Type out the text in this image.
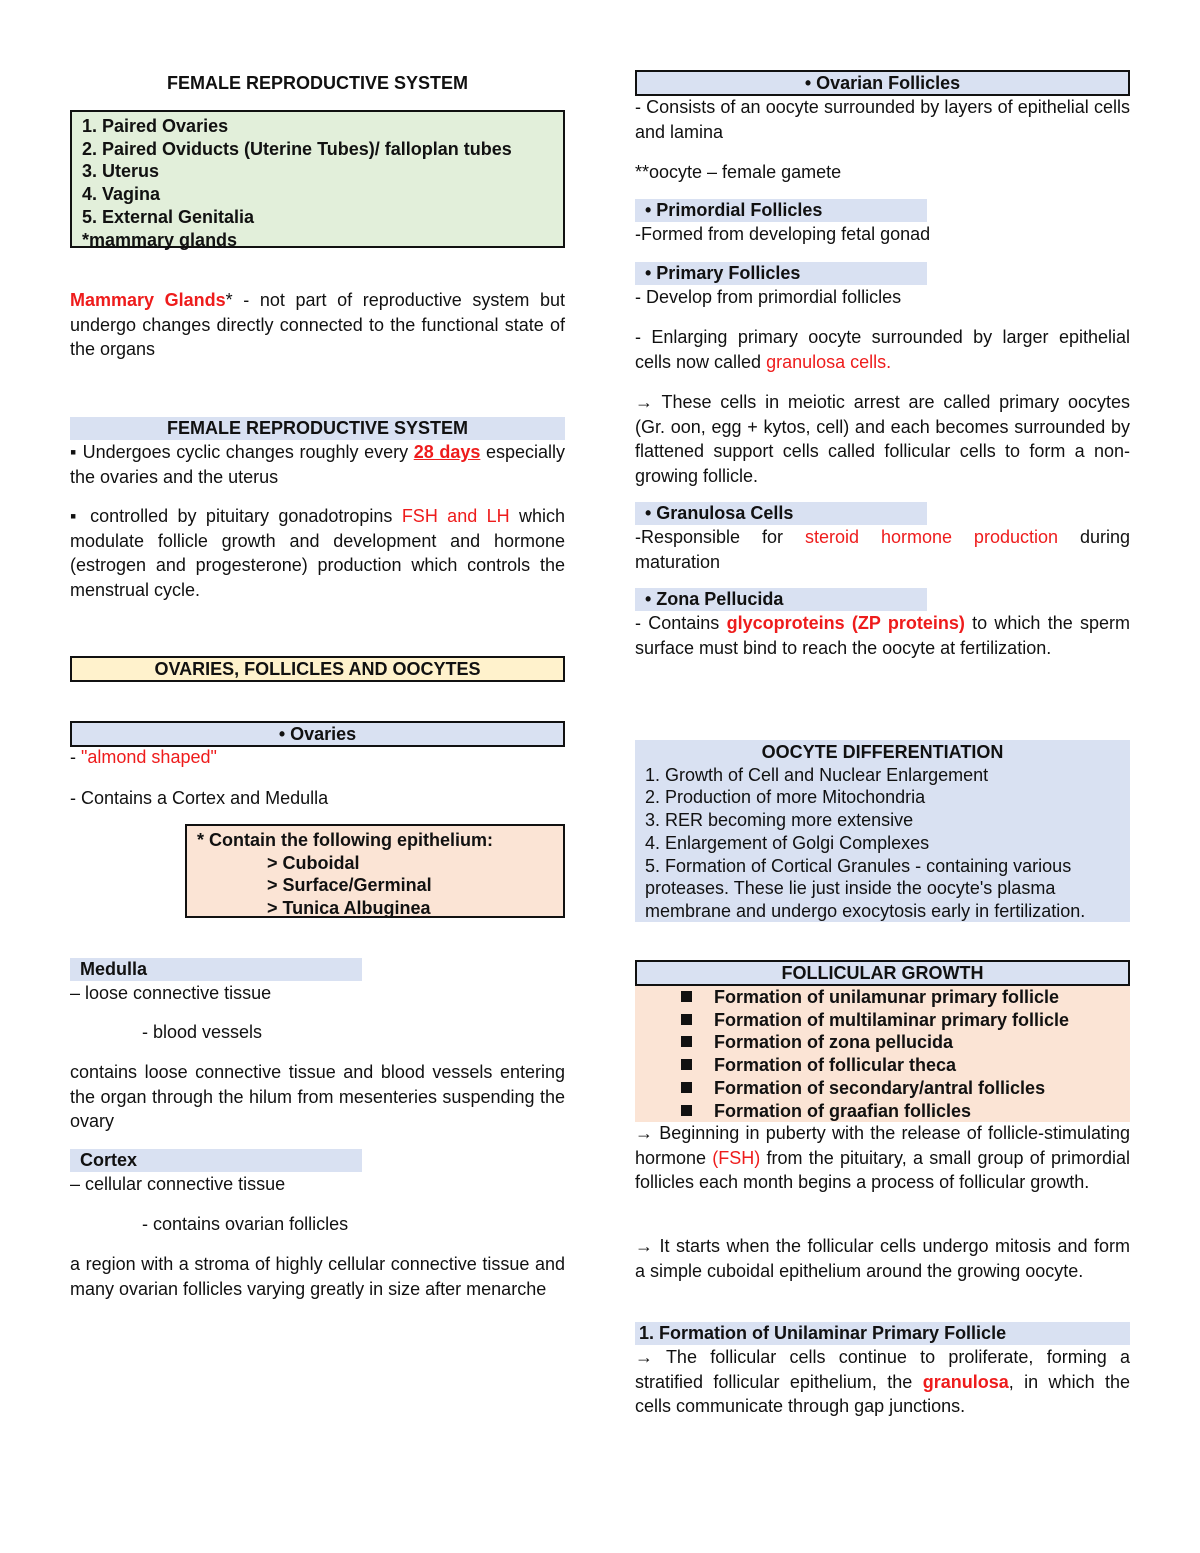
FEMALE REPRODUCTIVE SYSTEM
1. Paired Ovaries
2. Paired Oviducts (Uterine Tubes)/ falloplan tubes
3. Uterus
4. Vagina
5. External Genitalia
*mammary glands
Mammary Glands* - not part of reproductive system but undergo changes directly connected to the functional state of the organs
FEMALE REPRODUCTIVE SYSTEM
▪ Undergoes cyclic changes roughly every 28 days especially the ovaries and the uterus
▪ controlled by pituitary gonadotropins FSH and LH which modulate follicle growth and development and hormone (estrogen and progesterone) production which controls the menstrual cycle.
OVARIES, FOLLICLES AND OOCYTES
• Ovaries
- "almond shaped"
- Contains a Cortex and Medulla
* Contain the following epithelium:
> Cuboidal
> Surface/Germinal
> Tunica Albuginea
Medulla
– loose connective tissue
- blood vessels
contains loose connective tissue and blood vessels entering the organ through the hilum from mesenteries suspending the ovary
Cortex
– cellular connective tissue
- contains ovarian follicles
a region with a stroma of highly cellular connective tissue and many ovarian follicles varying greatly in size after menarche
• Ovarian Follicles
- Consists of an oocyte surrounded by layers of epithelial cells and lamina
**oocyte – female gamete
• Primordial Follicles
-Formed from developing fetal gonad
• Primary Follicles
- Develop from primordial follicles
- Enlarging primary oocyte surrounded by larger epithelial cells now called granulosa cells.
→ These cells in meiotic arrest are called primary oocytes (Gr. oon, egg + kytos, cell) and each becomes surrounded by flattened support cells called follicular cells to form a non-growing follicle.
• Granulosa Cells
-Responsible for steroid hormone production during maturation
• Zona Pellucida
- Contains glycoproteins (ZP proteins) to which the sperm surface must bind to reach the oocyte at fertilization.
OOCYTE DIFFERENTIATION
1. Growth of Cell and Nuclear Enlargement
2. Production of more Mitochondria
3. RER becoming more extensive
4. Enlargement of Golgi Complexes
5. Formation of Cortical Granules - containing various
proteases. These lie just inside the oocyte's plasma
membrane and undergo exocytosis early in fertilization.
FOLLICULAR GROWTH
Formation of unilamunar primary follicle
Formation of multilaminar primary follicle
Formation of zona pellucida
Formation of follicular theca
Formation of secondary/antral follicles
Formation of graafian follicles
→ Beginning in puberty with the release of follicle-stimulating hormone (FSH) from the pituitary, a small group of primordial follicles each month begins a process of follicular growth.
→ It starts when the follicular cells undergo mitosis and form a simple cuboidal epithelium around the growing oocyte.
1. Formation of Unilaminar Primary Follicle
→ The follicular cells continue to proliferate, forming a stratified follicular epithelium, the granulosa, in which the cells communicate through gap junctions.
